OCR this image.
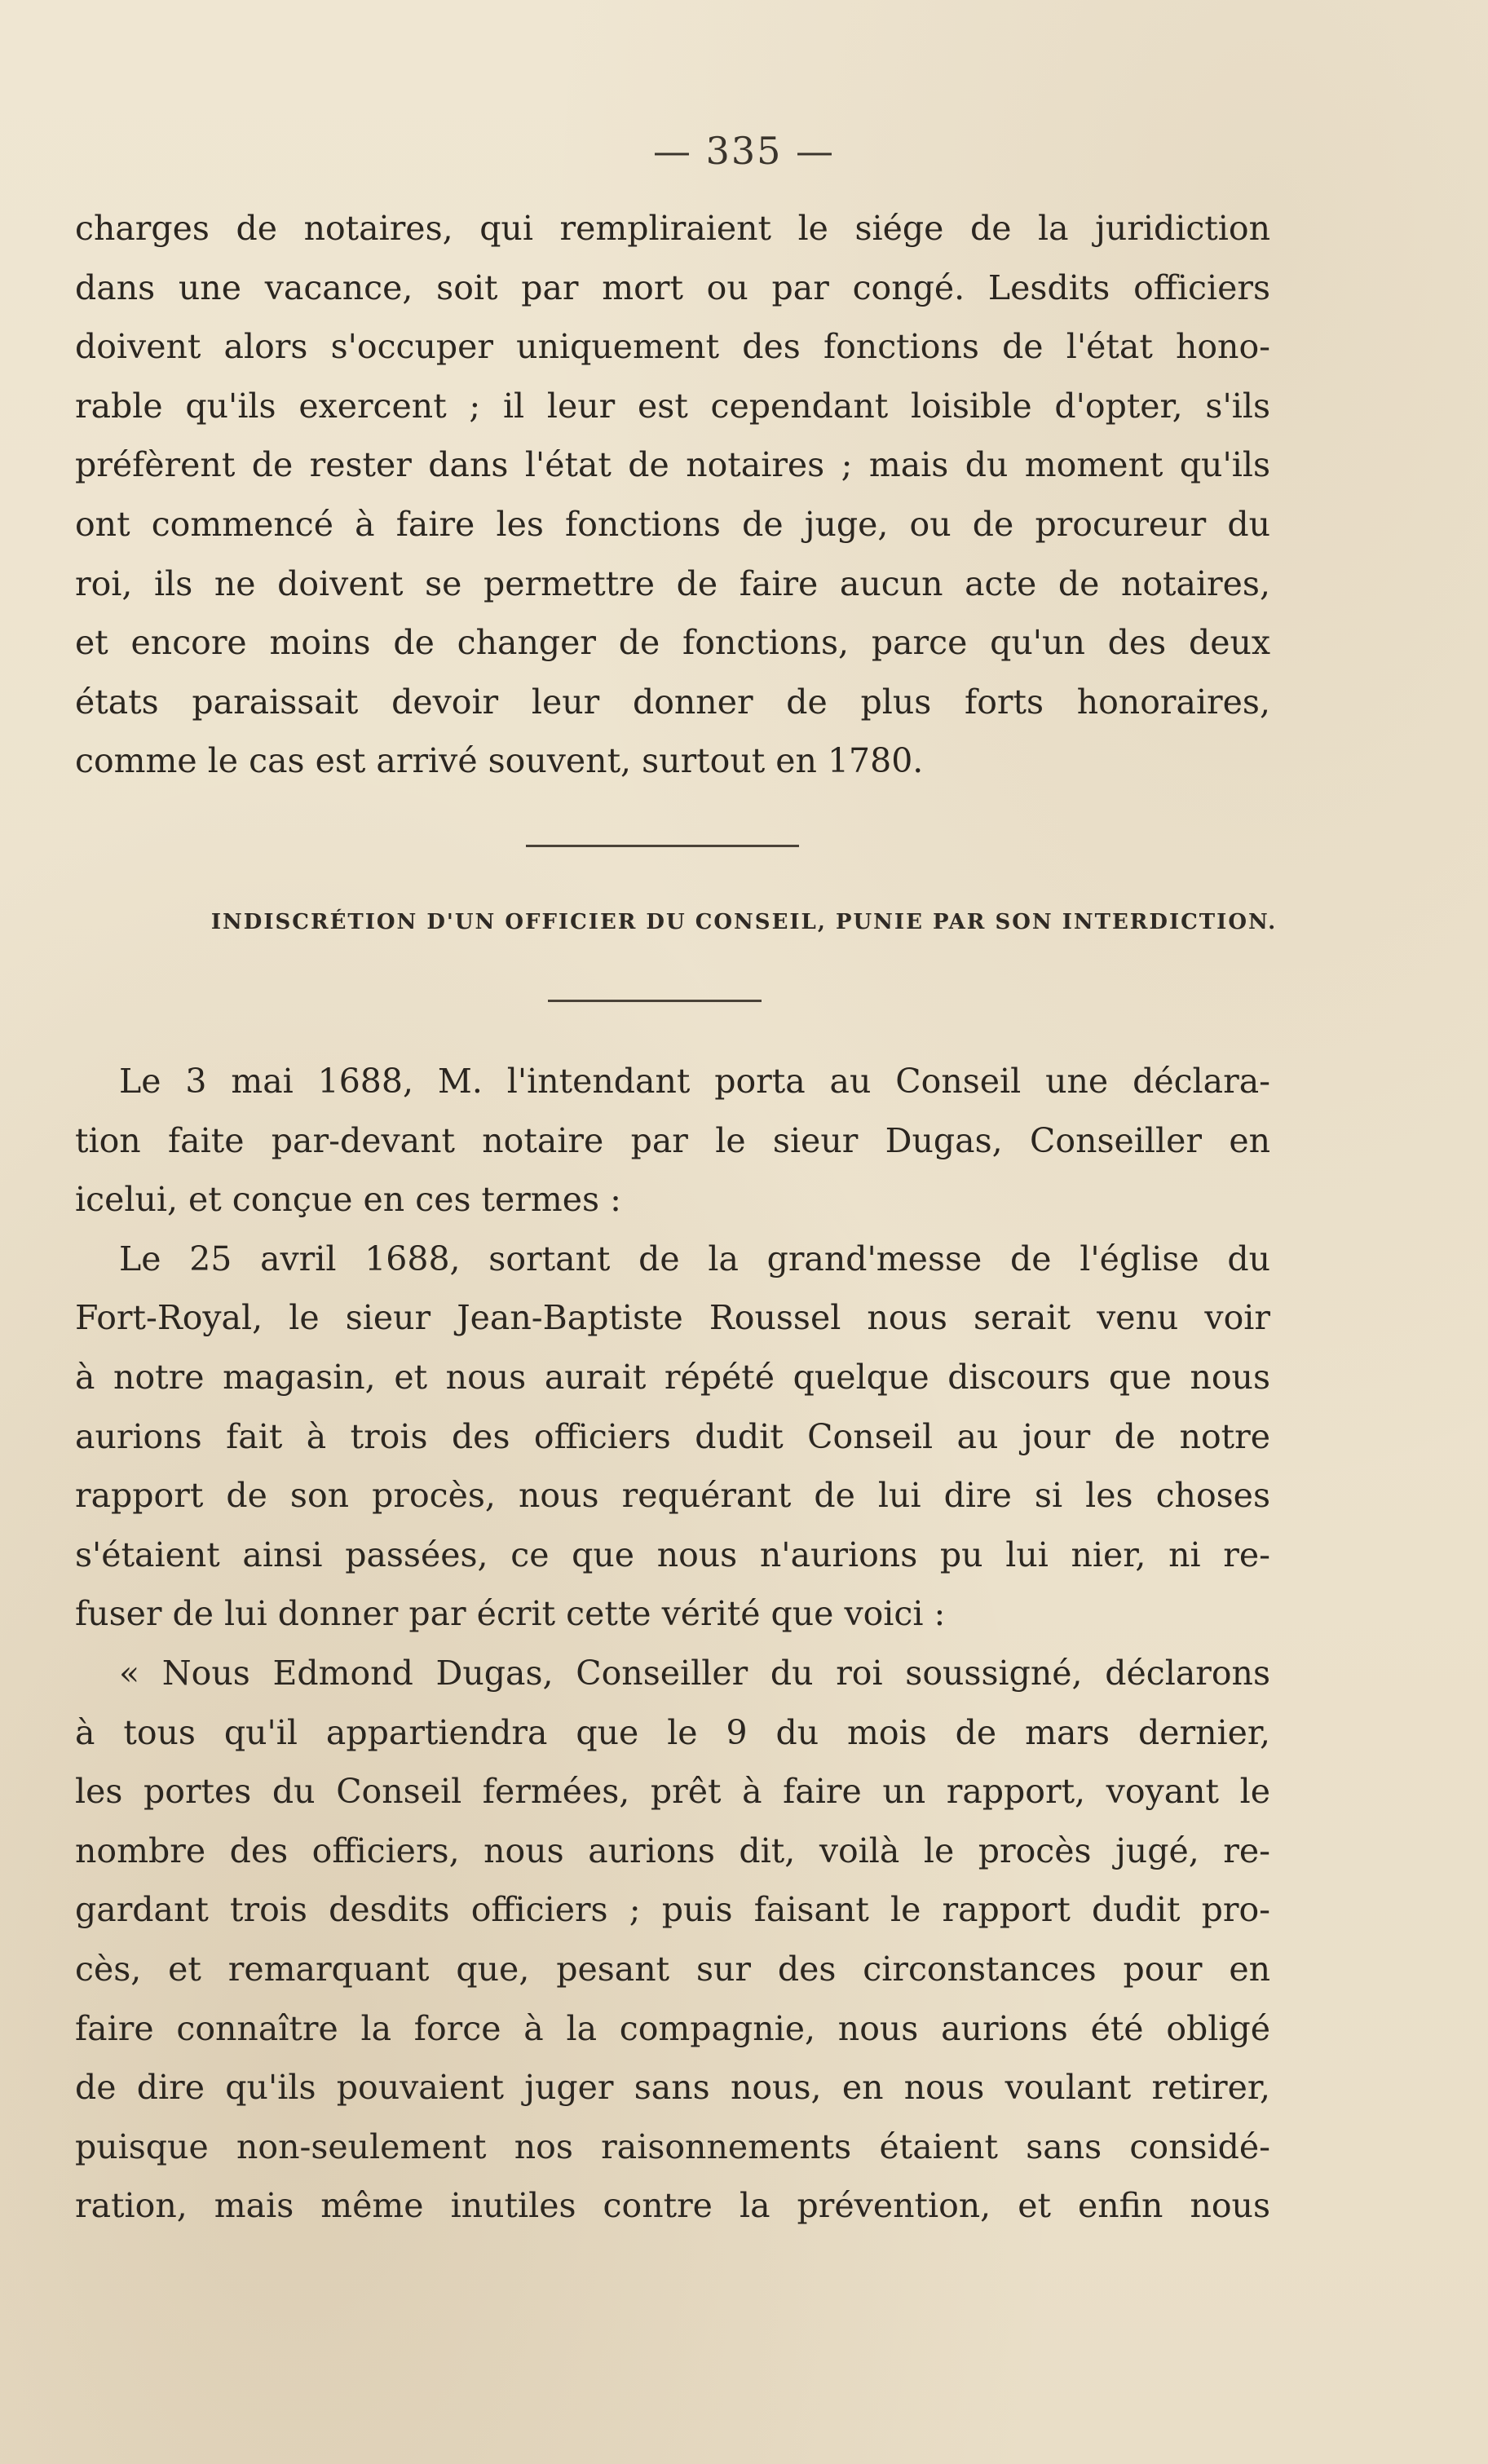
— 335 —

charges de notaires, qui rempliraient le siége de la juridiction

dans une vacance, soit par mort ou par congé. Lesdits officiers

doivent alors s'occuper uniquement des fonctions de l'état hono-

rable qu'ils exercent ; il leur est cependant loisible d'opter, s'ils

préfèrent de rester dans l'état de notaires ; mais du moment qu'ils

ont commencé à faire les fonctions de juge, ou de procureur du

roi, ils ne doivent se permettre de faire aucun acte de notaires,

et encore moins de changer de fonctions, parce qu'un des deux

états paraissait devoir leur donner de plus forts honoraires,

comme le cas est arrivé souvent, surtout en 1780.

INDISCRÉTION D'UN OFFICIER DU CONSEIL, PUNIE PAR SON INTERDICTION.

Le 3 mai 1688, M. l'intendant porta au Conseil une déclara-

tion faite par-devant notaire par le sieur Dugas, Conseiller en

icelui, et conçue en ces termes :

Le 25 avril 1688, sortant de la grand'messe de l'église du

Fort-Royal, le sieur Jean-Baptiste Roussel nous serait venu voir

à notre magasin, et nous aurait répété quelque discours que nous

aurions fait à trois des officiers dudit Conseil au jour de notre

rapport de son procès, nous requérant de lui dire si les choses

s'étaient ainsi passées, ce que nous n'aurions pu lui nier, ni re-

fuser de lui donner par écrit cette vérité que voici :

« Nous Edmond Dugas, Conseiller du roi soussigné, déclarons

à tous qu'il appartiendra que le 9 du mois de mars dernier,

les portes du Conseil fermées, prêt à faire un rapport, voyant le

nombre des officiers, nous aurions dit, voilà le procès jugé, re-

gardant trois desdits officiers ; puis faisant le rapport dudit pro-

cès, et remarquant que, pesant sur des circonstances pour en

faire connaître la force à la compagnie, nous aurions été obligé

de dire qu'ils pouvaient juger sans nous, en nous voulant retirer,

puisque non-seulement nos raisonnements étaient sans considé-

ration, mais même inutiles contre la prévention, et enfin nous
